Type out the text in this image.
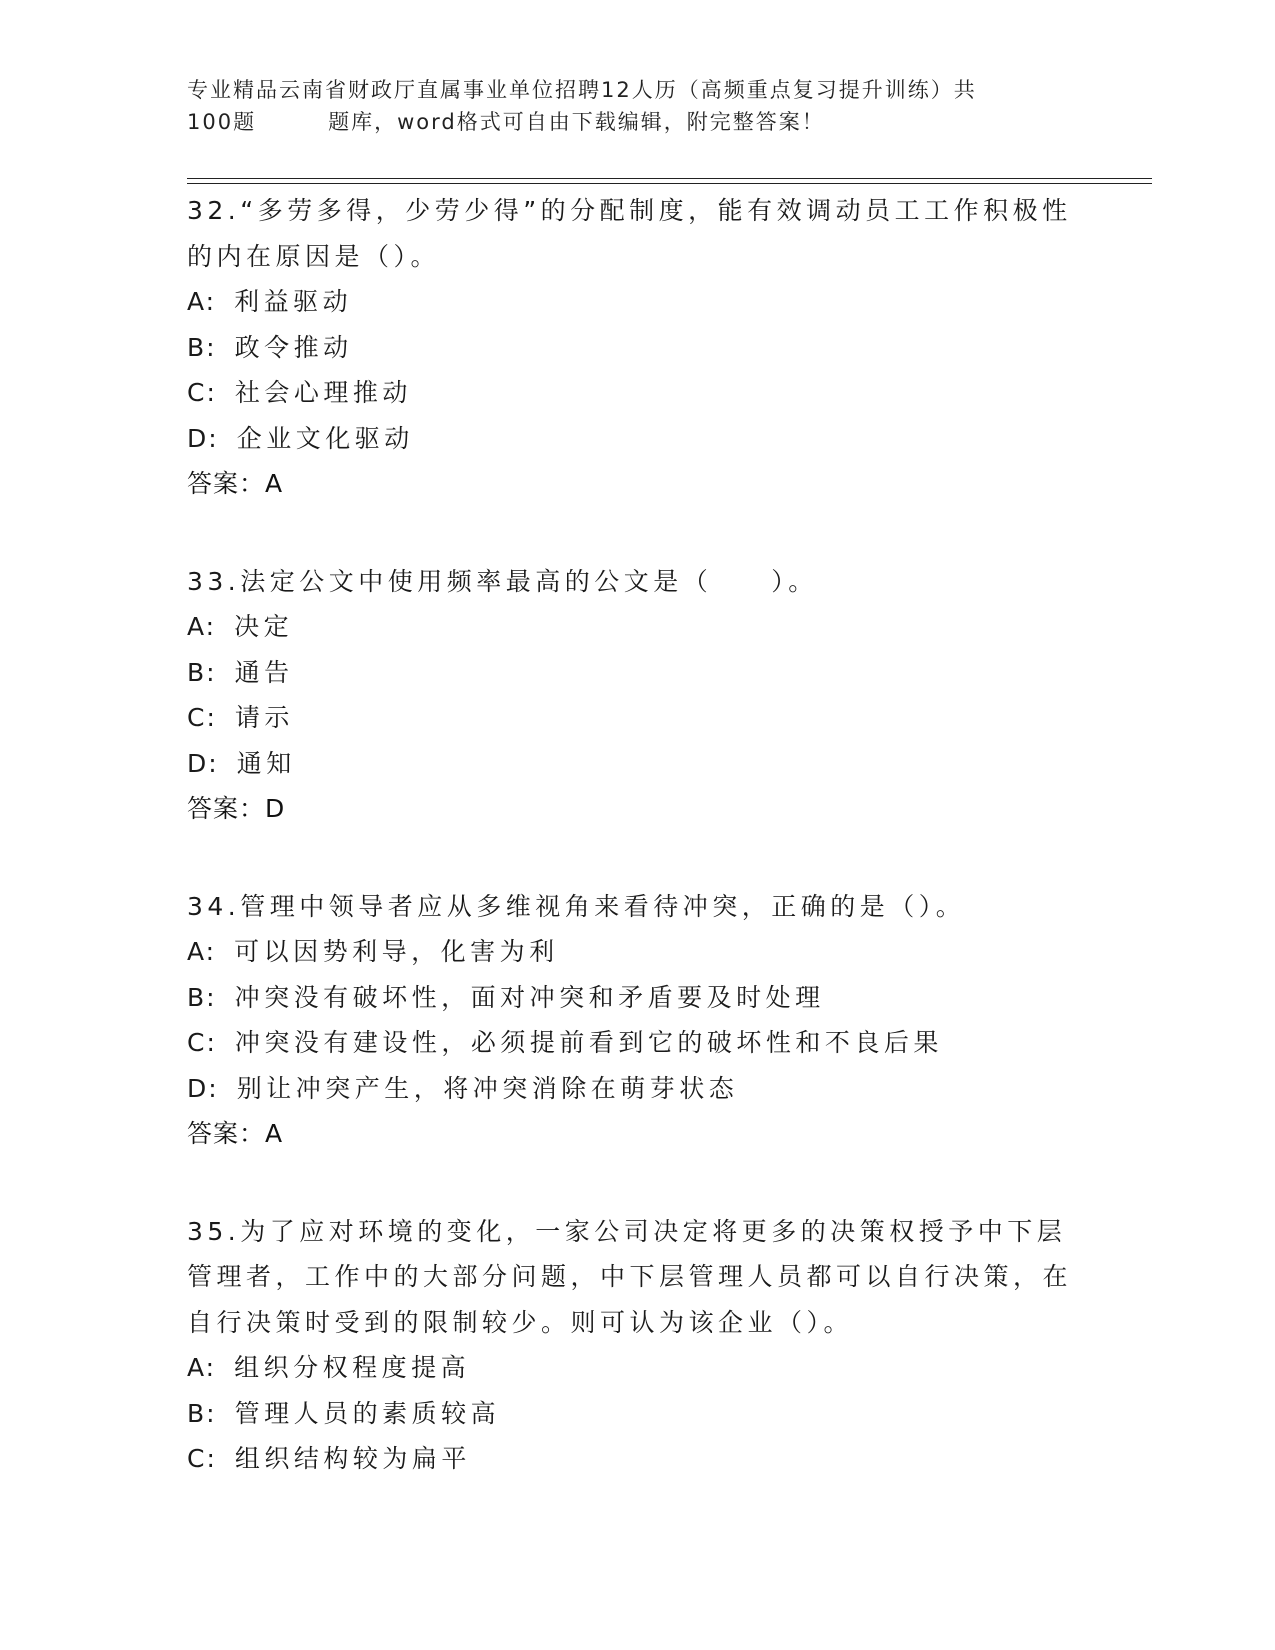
专业精品云南省财政厅直属事业单位招聘12人历（高频重点复习提升训练）共
100题	题库，word格式可自由下载编辑，附完整答案！

32.“多劳多得，少劳少得”的分配制度，能有效调动员工工作积极性的内在原因是（）。

A: 利益驱动

B: 政令推动

C: 社会心理推动

D: 企业文化驱动

答案：A

33.法定公文中使用频率最高的公文是（　　）。

A: 决定

B: 通告

C: 请示

D: 通知

答案：D

34.管理中领导者应从多维视角来看待冲突，正确的是（）。

A: 可以因势利导，化害为利

B: 冲突没有破坏性，面对冲突和矛盾要及时处理

C: 冲突没有建设性，必须提前看到它的破坏性和不良后果

D: 别让冲突产生，将冲突消除在萌芽状态

答案：A

35.为了应对环境的变化，一家公司决定将更多的决策权授予中下层管理者，工作中的大部分问题，中下层管理人员都可以自行决策，在自行决策时受到的限制较少。则可认为该企业（）。

A: 组织分权程度提高

B: 管理人员的素质较高

C: 组织结构较为扁平
